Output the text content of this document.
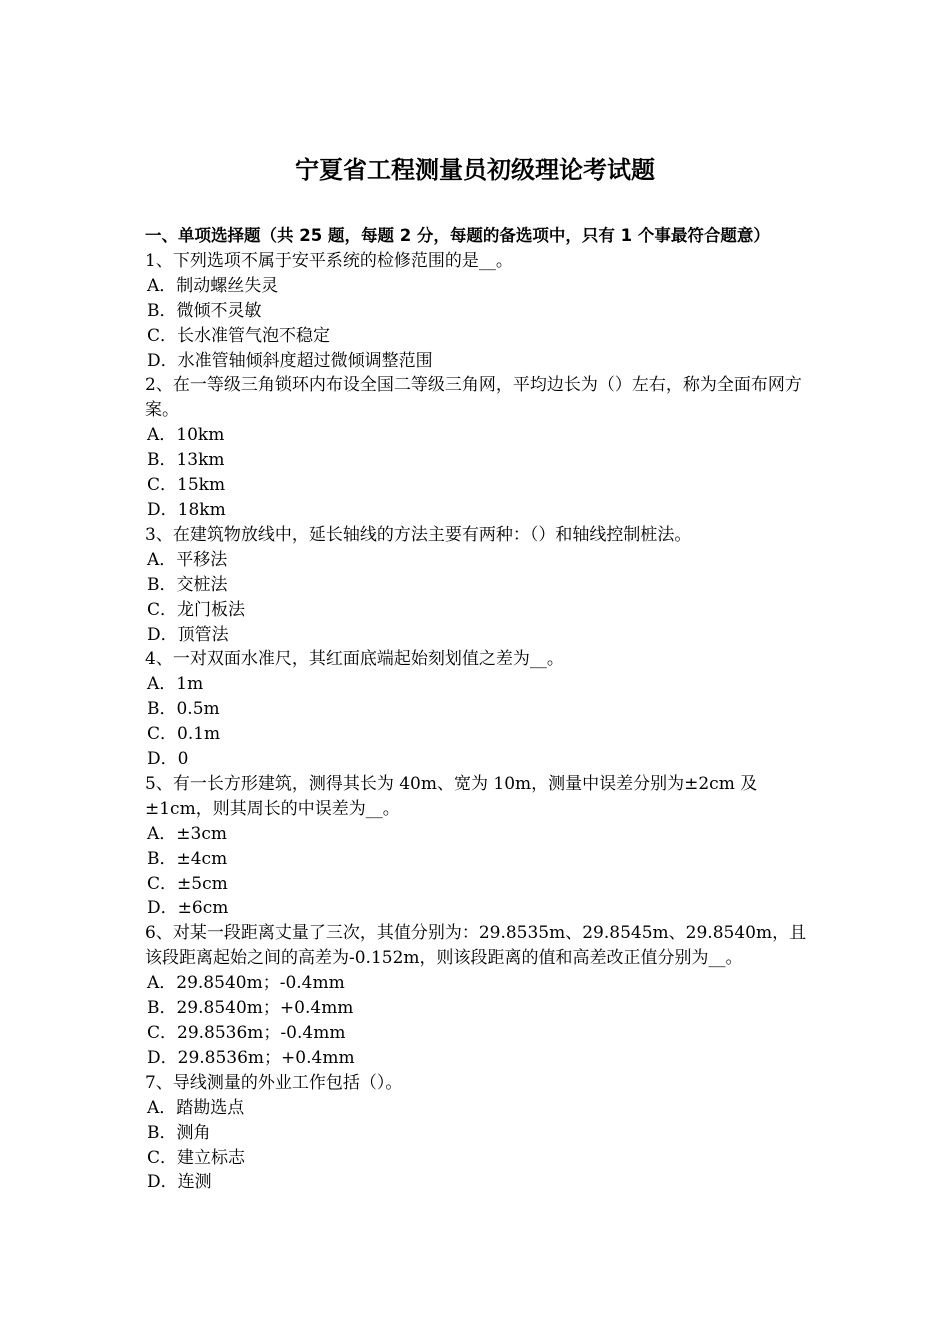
宁夏省工程测量员初级理论考试题

一、单项选择题（共 25 题，每题 2 分，每题的备选项中，只有 1 个事最符合题意）

1、下列选项不属于安平系统的检修范围的是__。

A．制动螺丝失灵

B．微倾不灵敏

C．长水准管气泡不稳定

D．水准管轴倾斜度超过微倾调整范围

2、在一等级三角锁环内布设全国二等级三角网，平均边长为（）左右，称为全面布网方案。

A．10km

B．13km

C．15km

D．18km

3、在建筑物放线中，延长轴线的方法主要有两种：（）和轴线控制桩法。

A．平移法

B．交桩法

C．龙门板法

D．顶管法

4、一对双面水准尺，其红面底端起始刻划值之差为__。

A．1m

B．0.5m

C．0.1m

D．0

5、有一长方形建筑，测得其长为 40m、宽为 10m，测量中误差分别为±2cm 及±1cm，则其周长的中误差为__。

A．±3cm

B．±4cm

C．±5cm

D．±6cm

6、对某一段距离丈量了三次，其值分别为：29.8535m、29.8545m、29.8540m，且该段距离起始之间的高差为-0.152m，则该段距离的值和高差改正值分别为__。

A．29.8540m；-0.4mm

B．29.8540m；+0.4mm

C．29.8536m；-0.4mm

D．29.8536m；+0.4mm

7、导线测量的外业工作包括（）。

A．踏勘选点

B．测角

C．建立标志

D．连测
